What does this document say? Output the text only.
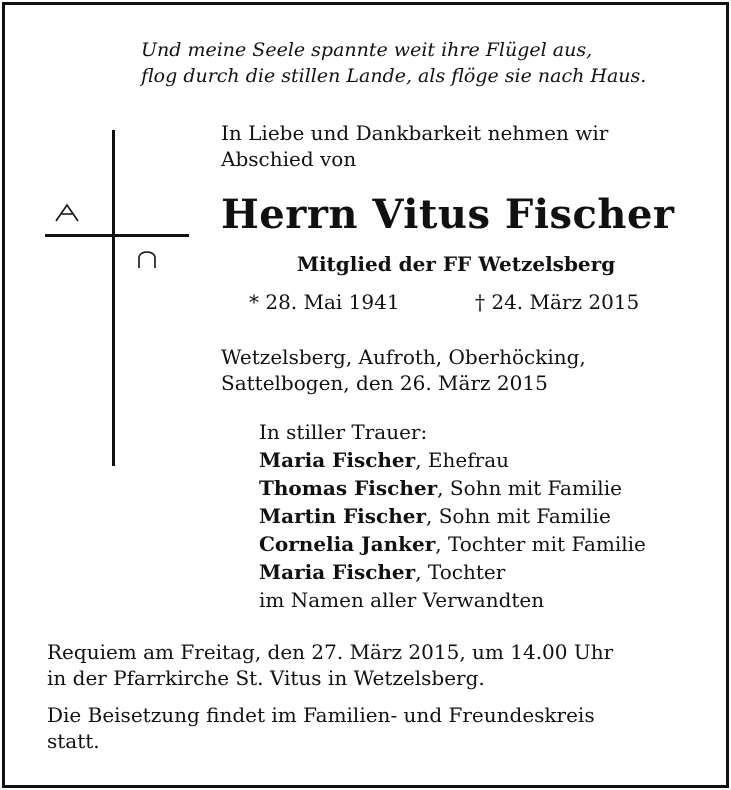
Und meine Seele spannte weit ihre Flügel aus,
flog durch die stillen Lande, als flöge sie nach Haus.
In Liebe und Dankbarkeit nehmen wir
Abschied von
Herrn Vitus Fischer
Mitglied der FF Wetzelsberg
* 28. Mai 1941	† 24. März 2015
Wetzelsberg, Aufroth, Oberhöcking,
Sattelbogen, den 26. März 2015
In stiller Trauer:
Maria Fischer, Ehefrau
Thomas Fischer, Sohn mit Familie
Martin Fischer, Sohn mit Familie
Cornelia Janker, Tochter mit Familie
Maria Fischer, Tochter
im Namen aller Verwandten
Requiem am Freitag, den 27. März 2015, um 14.00 Uhr
in der Pfarrkirche St. Vitus in Wetzelsberg.
Die Beisetzung findet im Familien- und Freundeskreis
statt.
